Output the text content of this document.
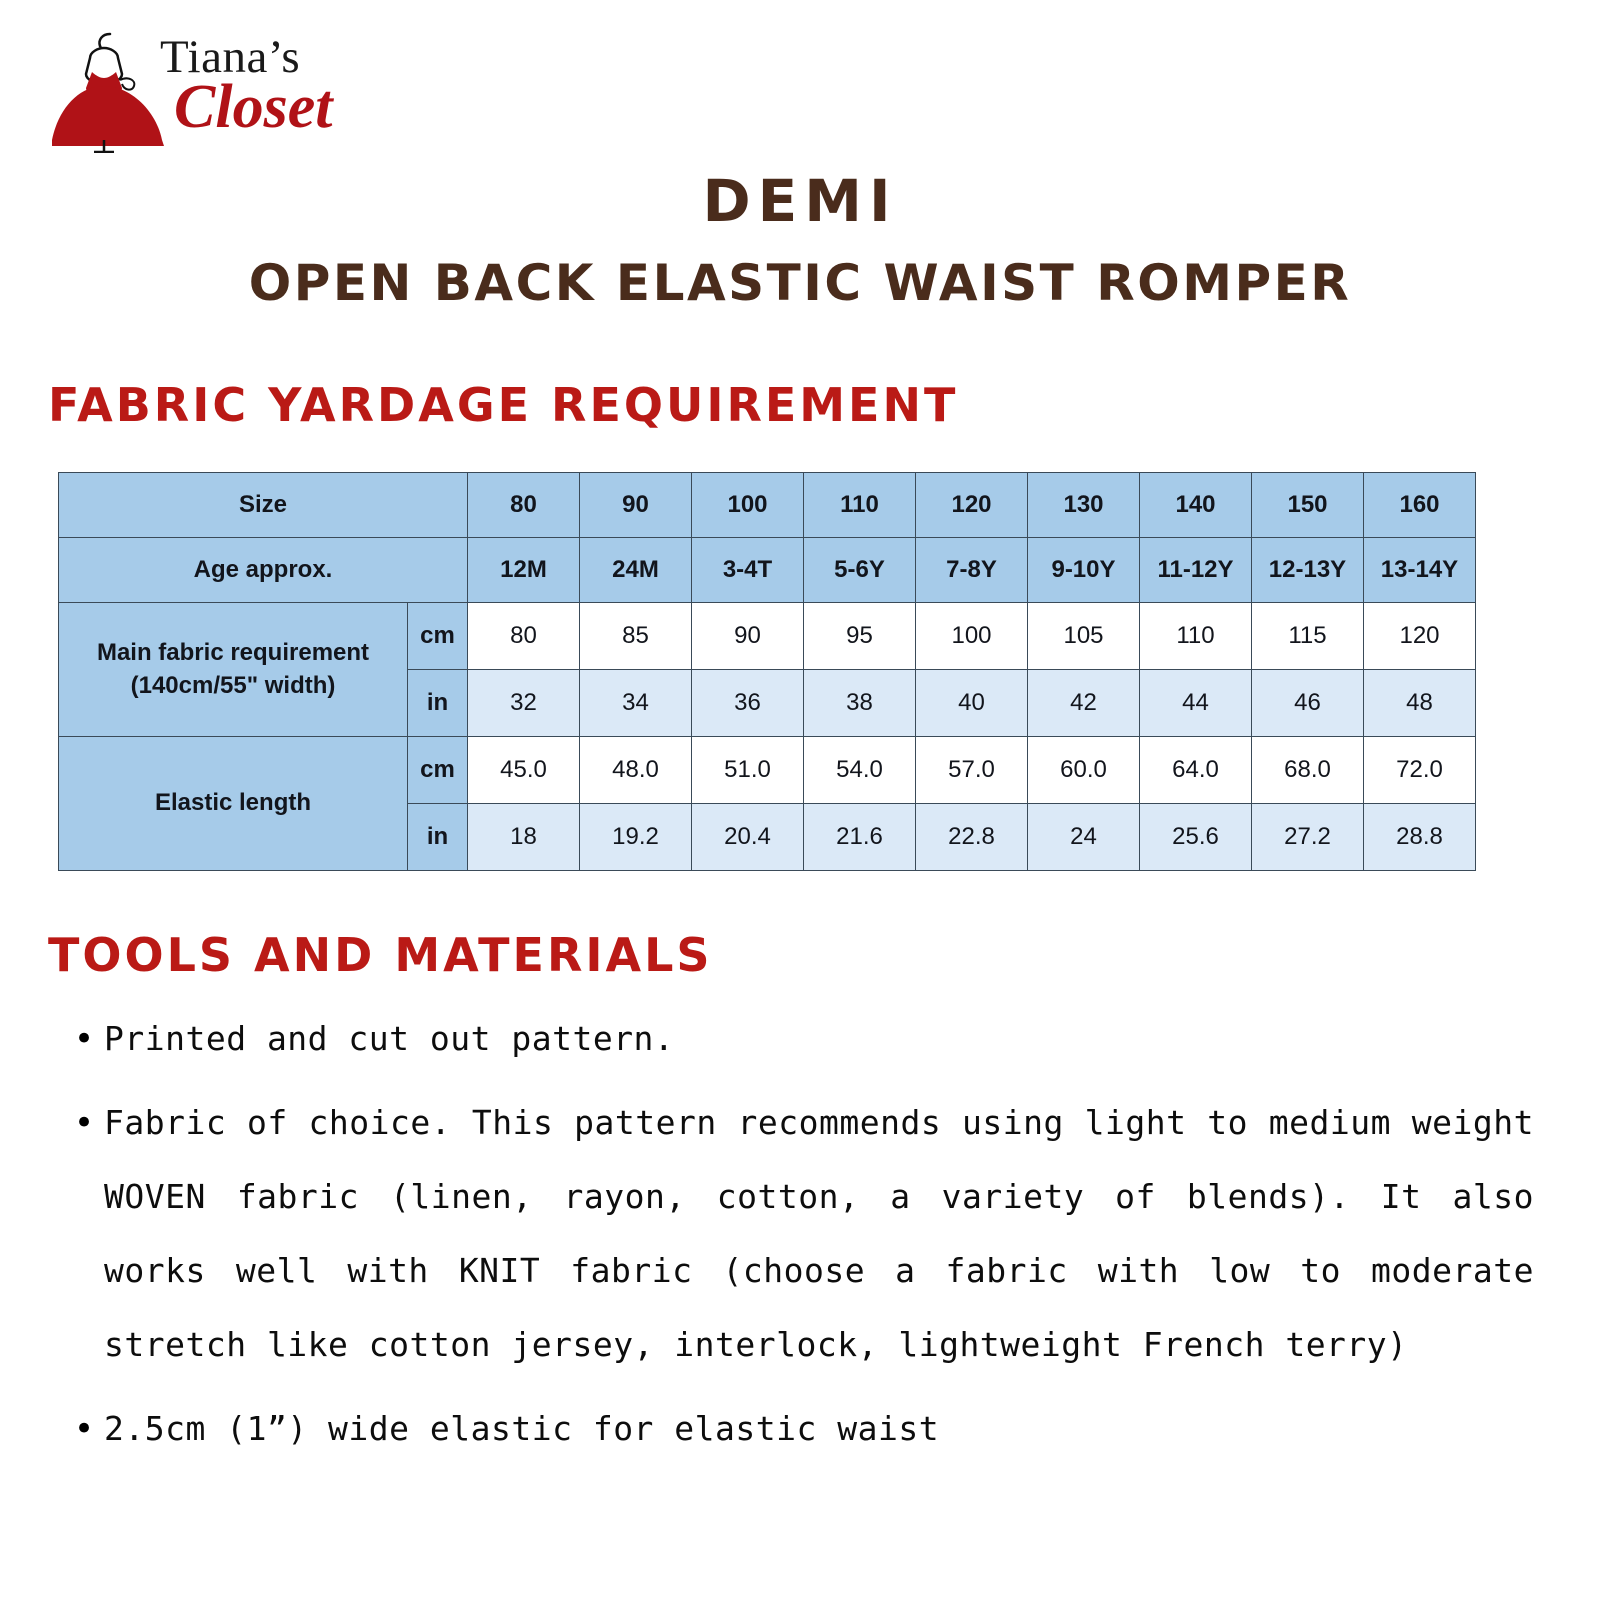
Tiana’s
Closet
DEMI
OPEN BACK ELASTIC WAIST ROMPER
FABRIC YARDAGE REQUIREMENT
Size		80	90	100	110	120	130	140	150	160
Age approx.		12M	24M	3-4T	5-6Y	7-8Y	9-10Y	11-12Y	12-13Y	13-14Y

Main fabric requirement
(140cm/55" width)	cm	80	85	90	95	100	105	110	115	120
	in	32	34	36	38	40	42	44	46	48
Elastic length	cm	45.0	48.0	51.0	54.0	57.0	60.0	64.0	68.0	72.0
	in	18	19.2	20.4	21.6	22.8	24	25.6	27.2	28.8
TOOLS AND MATERIALS
• Printed and cut out pattern.
• Fabric of choice. This pattern recommends using light to medium weight WOVEN fabric (linen, rayon, cotton, a variety of blends). It also works well with KNIT fabric (choose a fabric with low to moderate stretch like cotton jersey, interlock, lightweight French terry)
• 2.5cm (1”) wide elastic for elastic waist
